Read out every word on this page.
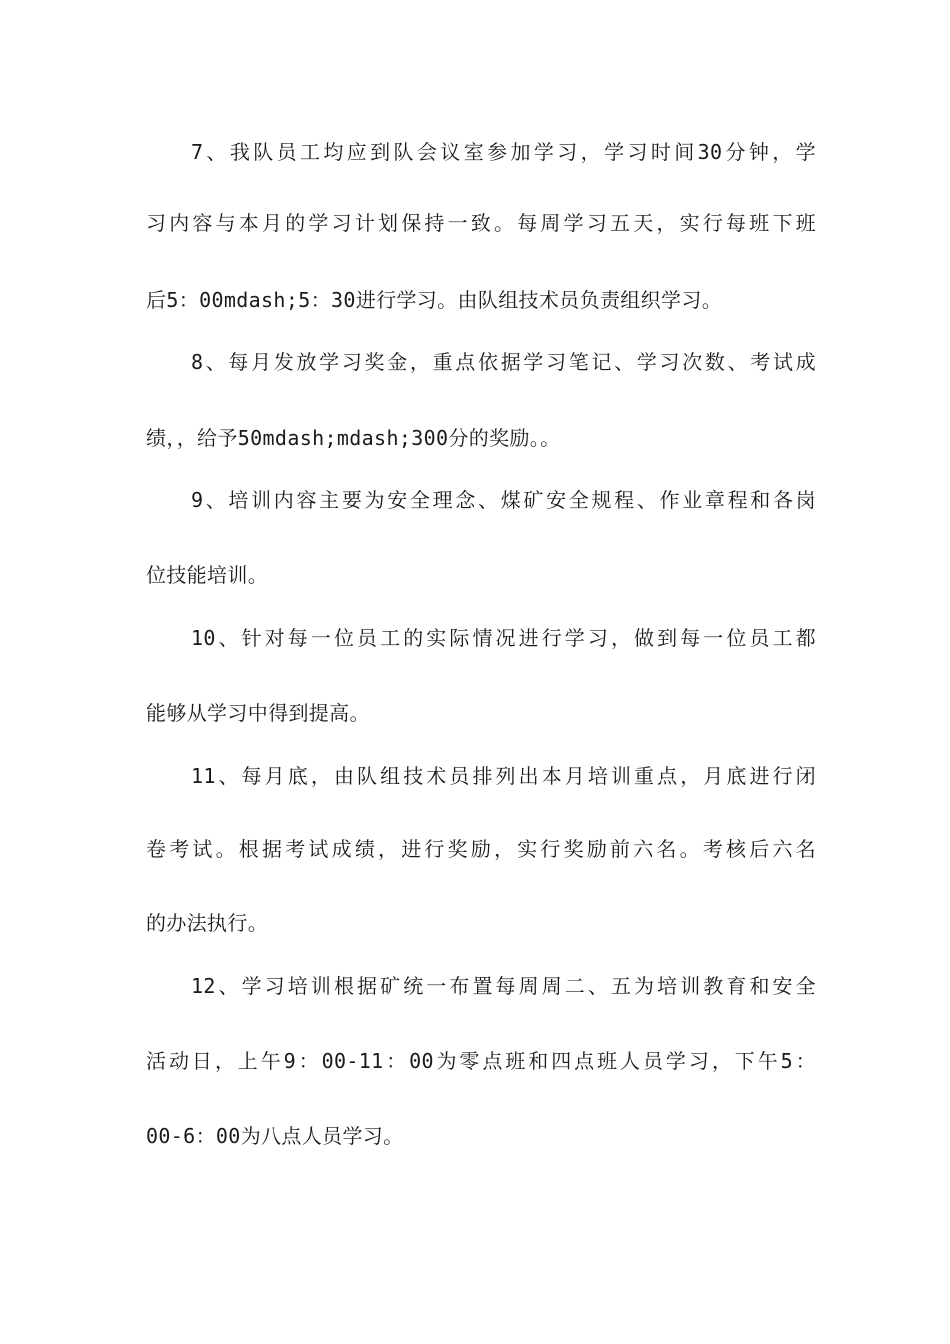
7、我队员工均应到队会议室参加学习，学习时间30分钟，学
习内容与本月的学习计划保持一致。每周学习五天，实行每班下班
后5：00mdash;5：30进行学习。由队组技术员负责组织学习。
8、每月发放学习奖金，重点依据学习笔记、学习次数、考试成
绩，，给予50mdash;mdash;300分的奖励。。
9、培训内容主要为安全理念、煤矿安全规程、作业章程和各岗
位技能培训。
10、针对每一位员工的实际情况进行学习，做到每一位员工都
能够从学习中得到提高。
11、每月底，由队组技术员排列出本月培训重点，月底进行闭
卷考试。根据考试成绩，进行奖励，实行奖励前六名。考核后六名
的办法执行。
12、学习培训根据矿统一布置每周周二、五为培训教育和安全
活动日，上午9：00-11：00为零点班和四点班人员学习，下午5：
00-6：00为八点人员学习。
